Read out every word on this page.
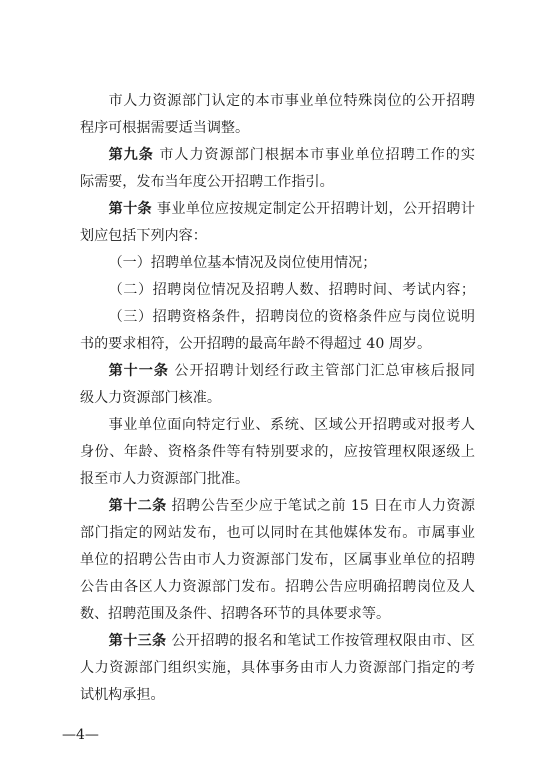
市人力资源部门认定的本市事业单位特殊岗位的公开招聘
程序可根据需要适当调整。
第九条 市人力资源部门根据本市事业单位招聘工作的实
际需要，发布当年度公开招聘工作指引。
第十条 事业单位应按规定制定公开招聘计划，公开招聘计
划应包括下列内容：
（一）招聘单位基本情况及岗位使用情况；
（二）招聘岗位情况及招聘人数、招聘时间、考试内容；
（三）招聘资格条件，招聘岗位的资格条件应与岗位说明
书的要求相符，公开招聘的最高年龄不得超过 40 周岁。
第十一条 公开招聘计划经行政主管部门汇总审核后报同
级人力资源部门核准。
事业单位面向特定行业、系统、区域公开招聘或对报考人
身份、年龄、资格条件等有特别要求的，应按管理权限逐级上
报至市人力资源部门批准。
第十二条 招聘公告至少应于笔试之前 15 日在市人力资源
部门指定的网站发布，也可以同时在其他媒体发布。市属事业
单位的招聘公告由市人力资源部门发布，区属事业单位的招聘
公告由各区人力资源部门发布。招聘公告应明确招聘岗位及人
数、招聘范围及条件、招聘各环节的具体要求等。
第十三条 公开招聘的报名和笔试工作按管理权限由市、区
人力资源部门组织实施，具体事务由市人力资源部门指定的考
试机构承担。
—4—
